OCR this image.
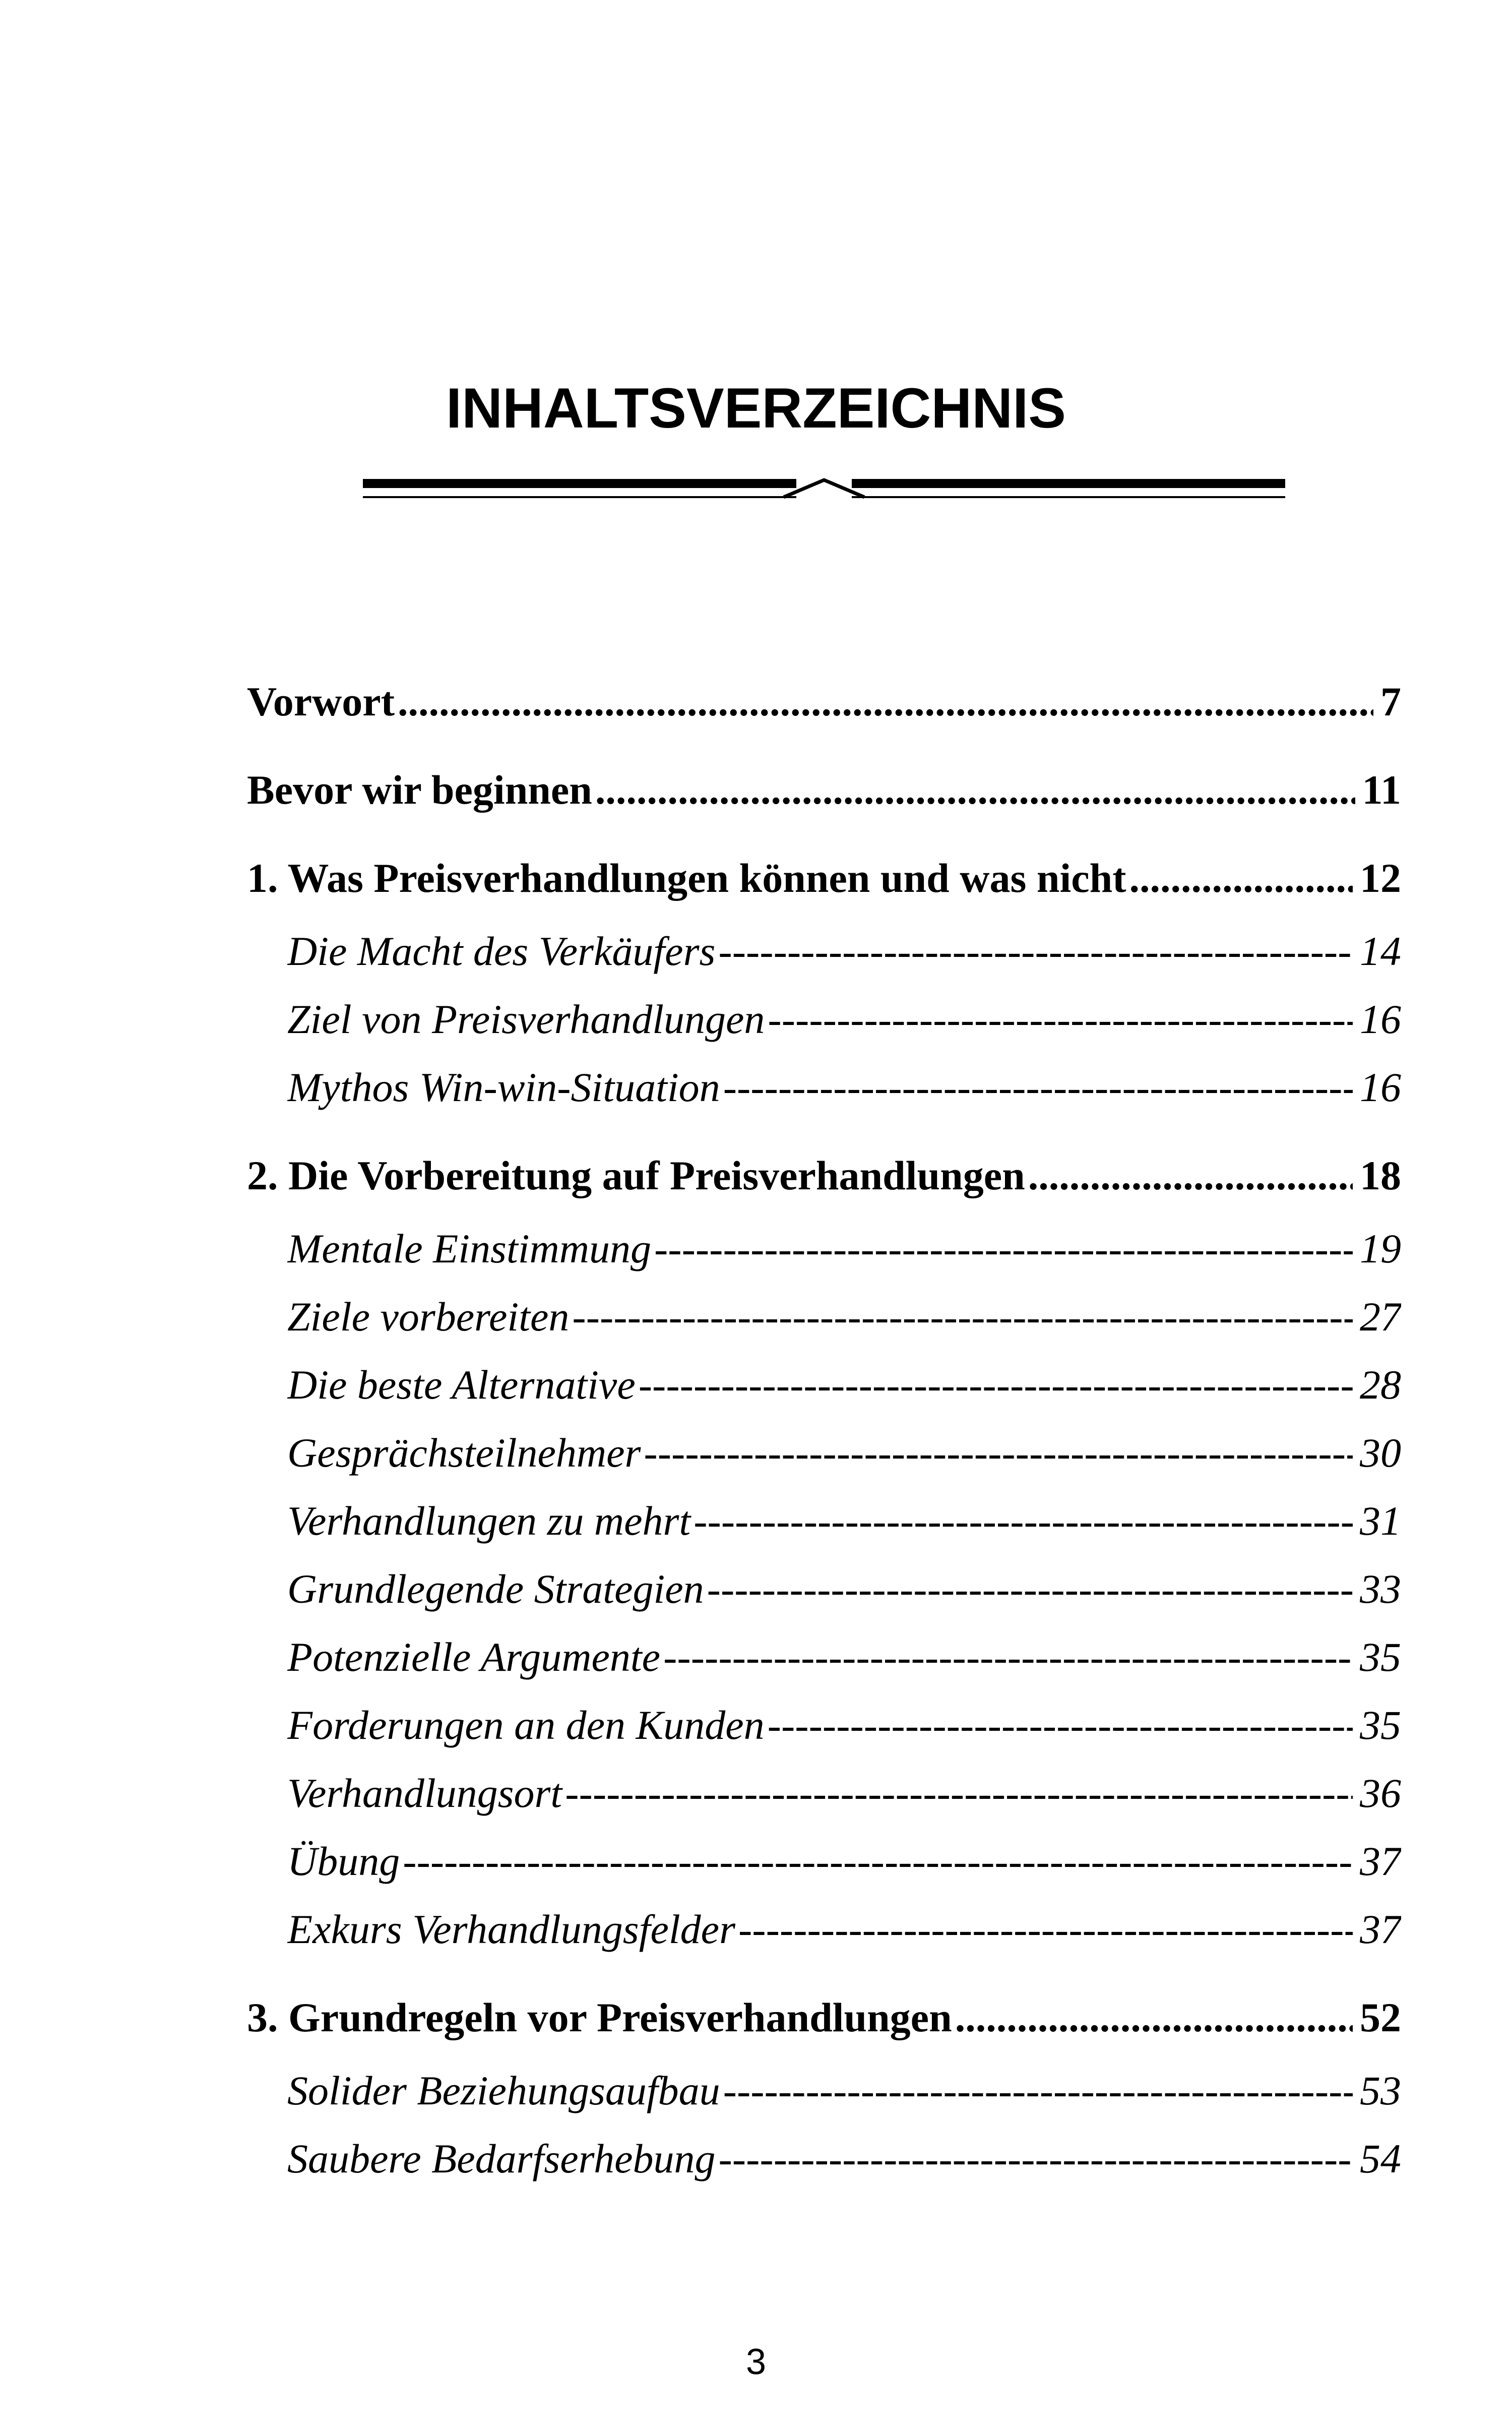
INHALTSVERZEICHNIS
Vorwort .....	7
Bevor wir beginnen .....	11
1. Was Preisverhandlungen können und was nicht .....	12
Die Macht des Verkäufers -----	14
Ziel von Preisverhandlungen -----	16
Mythos Win-win-Situation -----	16
2. Die Vorbereitung auf Preisverhandlungen .....	18
Mentale Einstimmung -----	19
Ziele vorbereiten -----	27
Die beste Alternative -----	28
Gesprächsteilnehmer -----	30
Verhandlungen zu mehrt -----	31
Grundlegende Strategien -----	33
Potenzielle Argumente -----	35
Forderungen an den Kunden -----	35
Verhandlungsort -----	36
Übung -----	37
Exkurs Verhandlungsfelder -----	37
3. Grundregeln vor Preisverhandlungen .....	52
Solider Beziehungsaufbau -----	53
Saubere Bedarfserhebung -----	54
3
